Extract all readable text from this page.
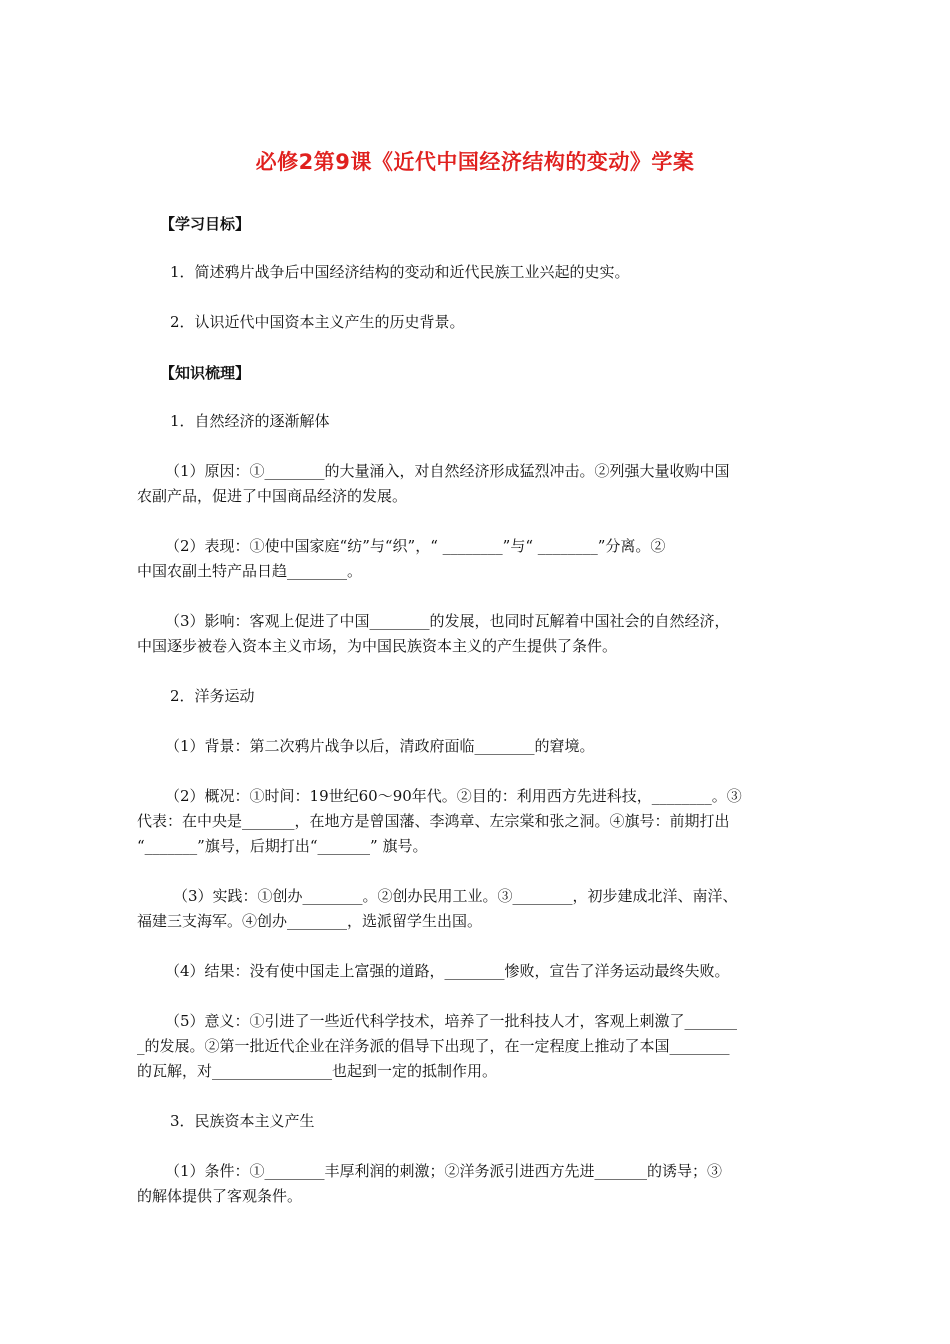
必修2第9课《近代中国经济结构的变动》学案
【学习目标】
1．简述鸦片战争后中国经济结构的变动和近代民族工业兴起的史实。
2．认识近代中国资本主义产生的历史背景。
【知识梳理】
1．自然经济的逐渐解体
（1）原因：①________的大量涌入，对自然经济形成猛烈冲击。②列强大量收购中国
农副产品，促进了中国商品经济的发展。
（2）表现：①使中国家庭“纺”与“织”，“ ________”与“ ________”分离。②
中国农副土特产品日趋________。
（3）影响：客观上促进了中国________的发展，也同时瓦解着中国社会的自然经济，
中国逐步被卷入资本主义市场，为中国民族资本主义的产生提供了条件。
2．洋务运动
（1）背景：第二次鸦片战争以后，清政府面临________的窘境。
（2）概况：①时间：19世纪60～90年代。②目的：利用西方先进科技，________。③
代表：在中央是_______，在地方是曾国藩、李鸿章、左宗棠和张之洞。④旗号：前期打出
“_______”旗号，后期打出“_______” 旗号。
（3）实践：①创办________。②创办民用工业。③________，初步建成北洋、南洋、
福建三支海军。④创办________，选派留学生出国。
（4）结果：没有使中国走上富强的道路，________惨败，宣告了洋务运动最终失败。
（5）意义：①引进了一些近代科学技术，培养了一批科技人才，客观上刺激了_______
_的发展。②第一批近代企业在洋务派的倡导下出现了，在一定程度上推动了本国________
的瓦解，对________________也起到一定的抵制作用。
3．民族资本主义产生
（1）条件：①________丰厚利润的刺激；②洋务派引进西方先进_______的诱导；③
的解体提供了客观条件。
